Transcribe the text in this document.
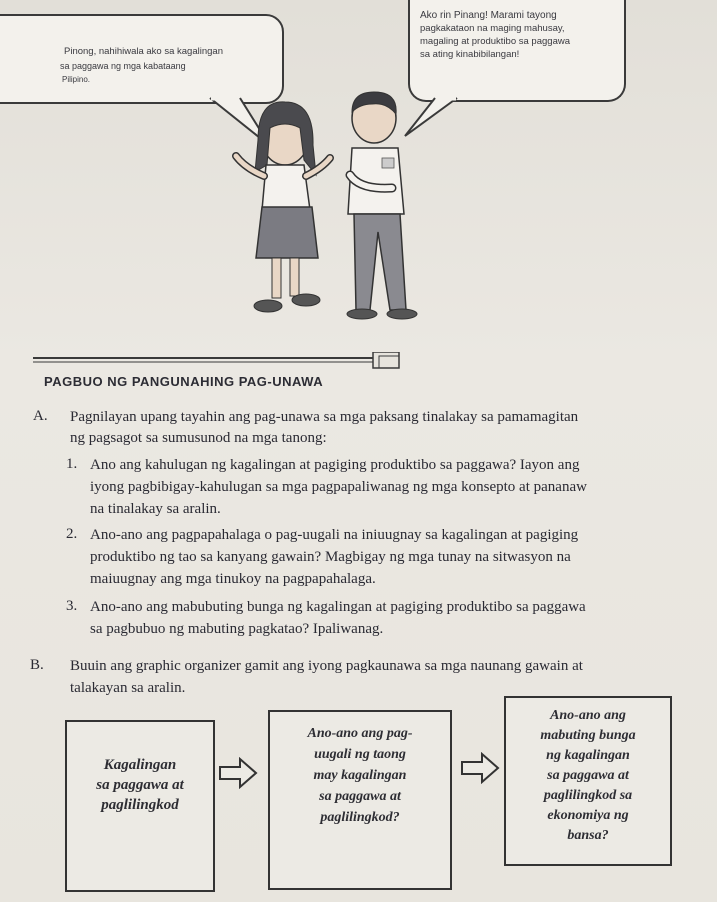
Pinong, nahihiwala ako sa kagalingan

sa paggawa ng mga kabataang

Pilipino.

Ako rin Pinang! Marami tayong

pagkakataon na maging mahusay,

magaling at produktibo sa paggawa

sa ating kinabibilangan!

PAGBUO NG PANGUNAHING PAG-UNAWA
A. Pagnilayan upang tayahin ang pag-unawa sa mga paksang tinalakay sa pamamagitan
ng pagsagot sa sumusunod na mga tanong:
1. Ano ang kahulugan ng kagalingan at pagiging produktibo sa paggawa? Iayon ang
iyong pagbibigay-kahulugan sa mga pagpapaliwanag ng mga konsepto at pananaw
na tinalakay sa aralin.
2. Ano-ano ang pagpapahalaga o pag-uugali na iniuugnay sa kagalingan at pagiging
produktibo ng tao sa kanyang gawain? Magbigay ng mga tunay na sitwasyon na
maiuugnay ang mga tinukoy na pagpapahalaga.
3. Ano-ano ang mabubuting bunga ng kagalingan at pagiging produktibo sa paggawa
sa pagbubuo ng mabuting pagkatao? Ipaliwanag.
B. Buuin ang graphic organizer gamit ang iyong pagkaunawa sa mga naunang gawain at
talakayan sa aralin.
Kagalingan
sa paggawa at
paglilingkod
Ano-ano ang pag-
uugali ng taong
may kagalingan
sa paggawa at
paglilingkod?
Ano-ano ang
mabuting bunga
ng kagalingan
sa paggawa at
paglilingkod sa
ekonomiya ng
bansa?
